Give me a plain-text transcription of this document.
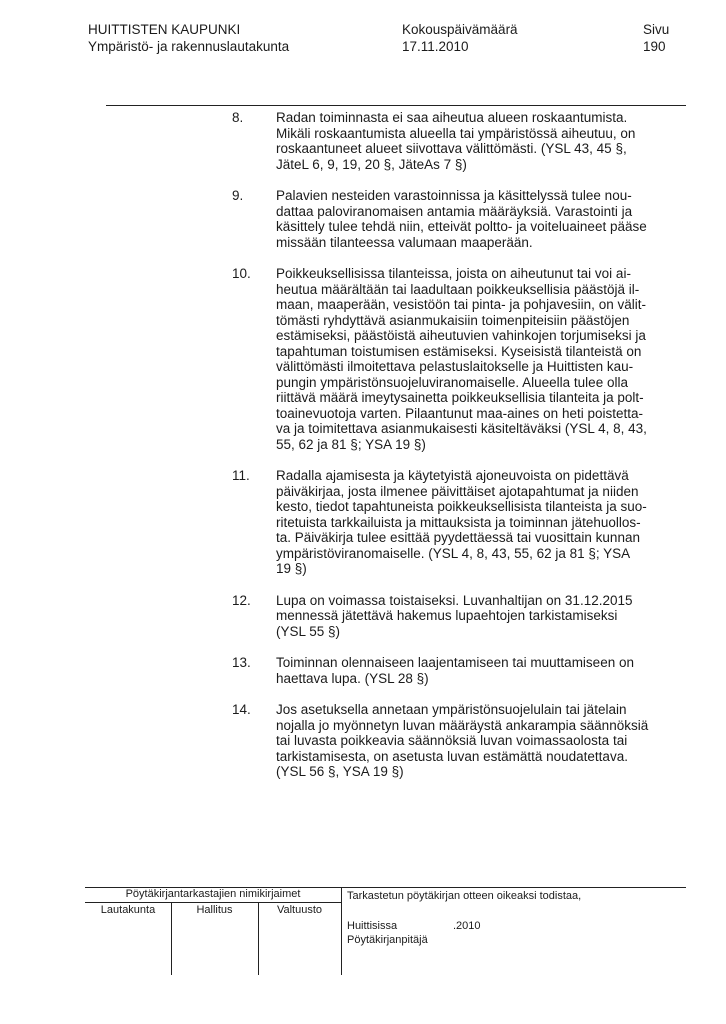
HUITTISTEN KAUPUNKI
Ympäristö- ja rakennuslautakunta
Kokouspäivämäärä
17.11.2010
Sivu
190
8.	Radan toiminnasta ei saa aiheutua alueen roskaantumista.
Mikäli roskaantumista alueella tai ympäristössä aiheutuu, on
roskaantuneet alueet siivottava välittömästi. (YSL 43, 45 §,
JäteL 6, 9, 19, 20 §, JäteAs 7 §)
9.	Palavien nesteiden varastoinnissa ja käsittelyssä tulee nou-
dattaa paloviranomaisen antamia määräyksiä. Varastointi ja
käsittely tulee tehdä niin, etteivät poltto- ja voiteluaineet pääse
missään tilanteessa valumaan maaperään.
10.	Poikkeuksellisissa tilanteissa, joista on aiheutunut tai voi ai-
heutua määrältään tai laadultaan poikkeuksellisia päästöjä il-
maan, maaperään, vesistöön tai pinta- ja pohjavesiin, on välit-
tömästi ryhdyttävä asianmukaisiin toimenpiteisiin päästöjen
estämiseksi, päästöistä aiheutuvien vahinkojen torjumiseksi ja
tapahtuman toistumisen estämiseksi. Kyseisistä tilanteistä on
välittömästi ilmoitettava pelastuslaitokselle ja Huittisten kau-
pungin ympäristönsuojeluviranomaiselle. Alueella tulee olla
riittävä määrä imeytysainetta poikkeuksellisia tilanteita ja polt-
toainevuotoja varten. Pilaantunut maa-aines on heti poistetta-
va ja toimitettava asianmukaisesti käsiteltäväksi (YSL 4, 8, 43,
55, 62 ja 81 §; YSA 19 §)
11.	Radalla ajamisesta ja käytetyistä ajoneuvoista on pidettävä
päiväkirjaa, josta ilmenee päivittäiset ajotapahtumat ja niiden
kesto, tiedot tapahtuneista poikkeuksellisista tilanteista ja suo-
ritetuista tarkkailuista ja mittauksista ja toiminnan jätehuollos-
ta. Päiväkirja tulee esittää pyydettäessä tai vuosittain kunnan
ympäristöviranomaiselle. (YSL 4, 8, 43, 55, 62 ja 81 §; YSA
19 §)
12.	Lupa on voimassa toistaiseksi. Luvanhaltijan on 31.12.2015
mennessä jätettävä hakemus lupaehtojen tarkistamiseksi
(YSL 55 §)
13.	Toiminnan olennaiseen laajentamiseen tai muuttamiseen on
haettava lupa. (YSL 28 §)
14.	Jos asetuksella annetaan ympäristönsuojelulain tai jätelain
nojalla jo myönnetyn luvan määräystä ankarampia säännöksiä
tai luvasta poikkeavia säännöksiä luvan voimassaolosta tai
tarkistamisesta, on asetusta luvan estämättä noudatettava.
(YSL 56 §, YSA 19 §)
Pöytäkirjantarkastajien nimikirjaimet
Lautakunta	Hallitus	Valtuusto
Tarkastetun pöytäkirjan otteen oikeaksi todistaa,
Huittisissa	.2010
Pöytäkirjanpitäjä
